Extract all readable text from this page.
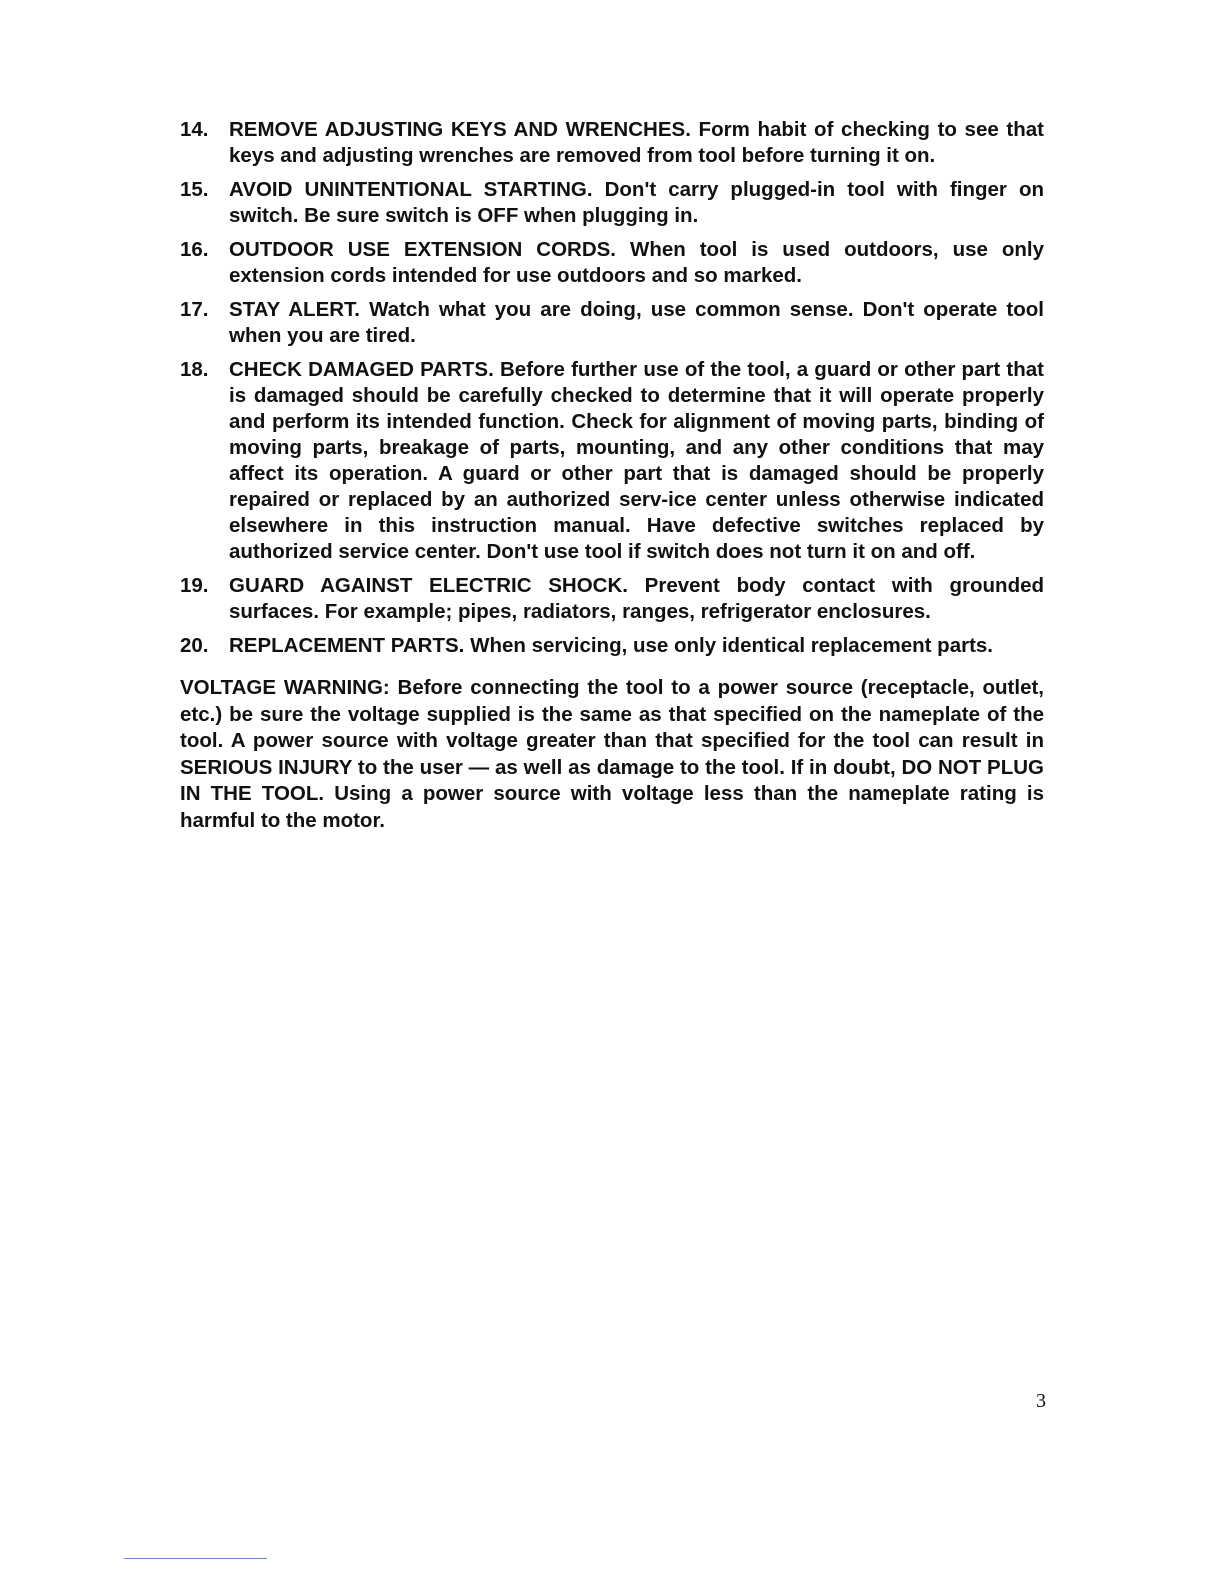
14.	REMOVE ADJUSTING KEYS AND WRENCHES. Form habit of checking to see that keys and adjusting wrenches are removed from tool before turning it on.
15.	AVOID UNINTENTIONAL STARTING. Don't carry plugged-in tool with finger on switch. Be sure switch is OFF when plugging in.
16.	OUTDOOR USE EXTENSION CORDS. When tool is used outdoors, use only extension cords intended for use outdoors and so marked.
17.	STAY ALERT. Watch what you are doing, use common sense. Don't operate tool when you are tired.
18.	CHECK DAMAGED PARTS. Before further use of the tool, a guard or other part that is damaged should be carefully checked to determine that it will operate properly and perform its intended function. Check for alignment of moving parts, binding of moving parts, breakage of parts, mounting, and any other conditions that may affect its operation. A guard or other part that is damaged should be properly repaired or replaced by an authorized serv-ice center unless otherwise indicated elsewhere in this instruction manual. Have defective switches replaced by authorized service center. Don't use tool if switch does not turn it on and off.
19.	GUARD AGAINST ELECTRIC SHOCK. Prevent body contact with grounded surfaces. For example; pipes, radiators, ranges, refrigerator enclosures.
20.	REPLACEMENT PARTS. When servicing, use only identical replacement parts.

VOLTAGE WARNING: Before connecting the tool to a power source (receptacle, outlet, etc.) be sure the voltage supplied is the same as that specified on the nameplate of the tool. A power source with voltage greater than that specified for the tool can result in SERIOUS INJURY to the user — as well as damage to the tool. If in doubt, DO NOT PLUG IN THE TOOL. Using a power source with voltage less than the nameplate rating is harmful to the motor.

3
